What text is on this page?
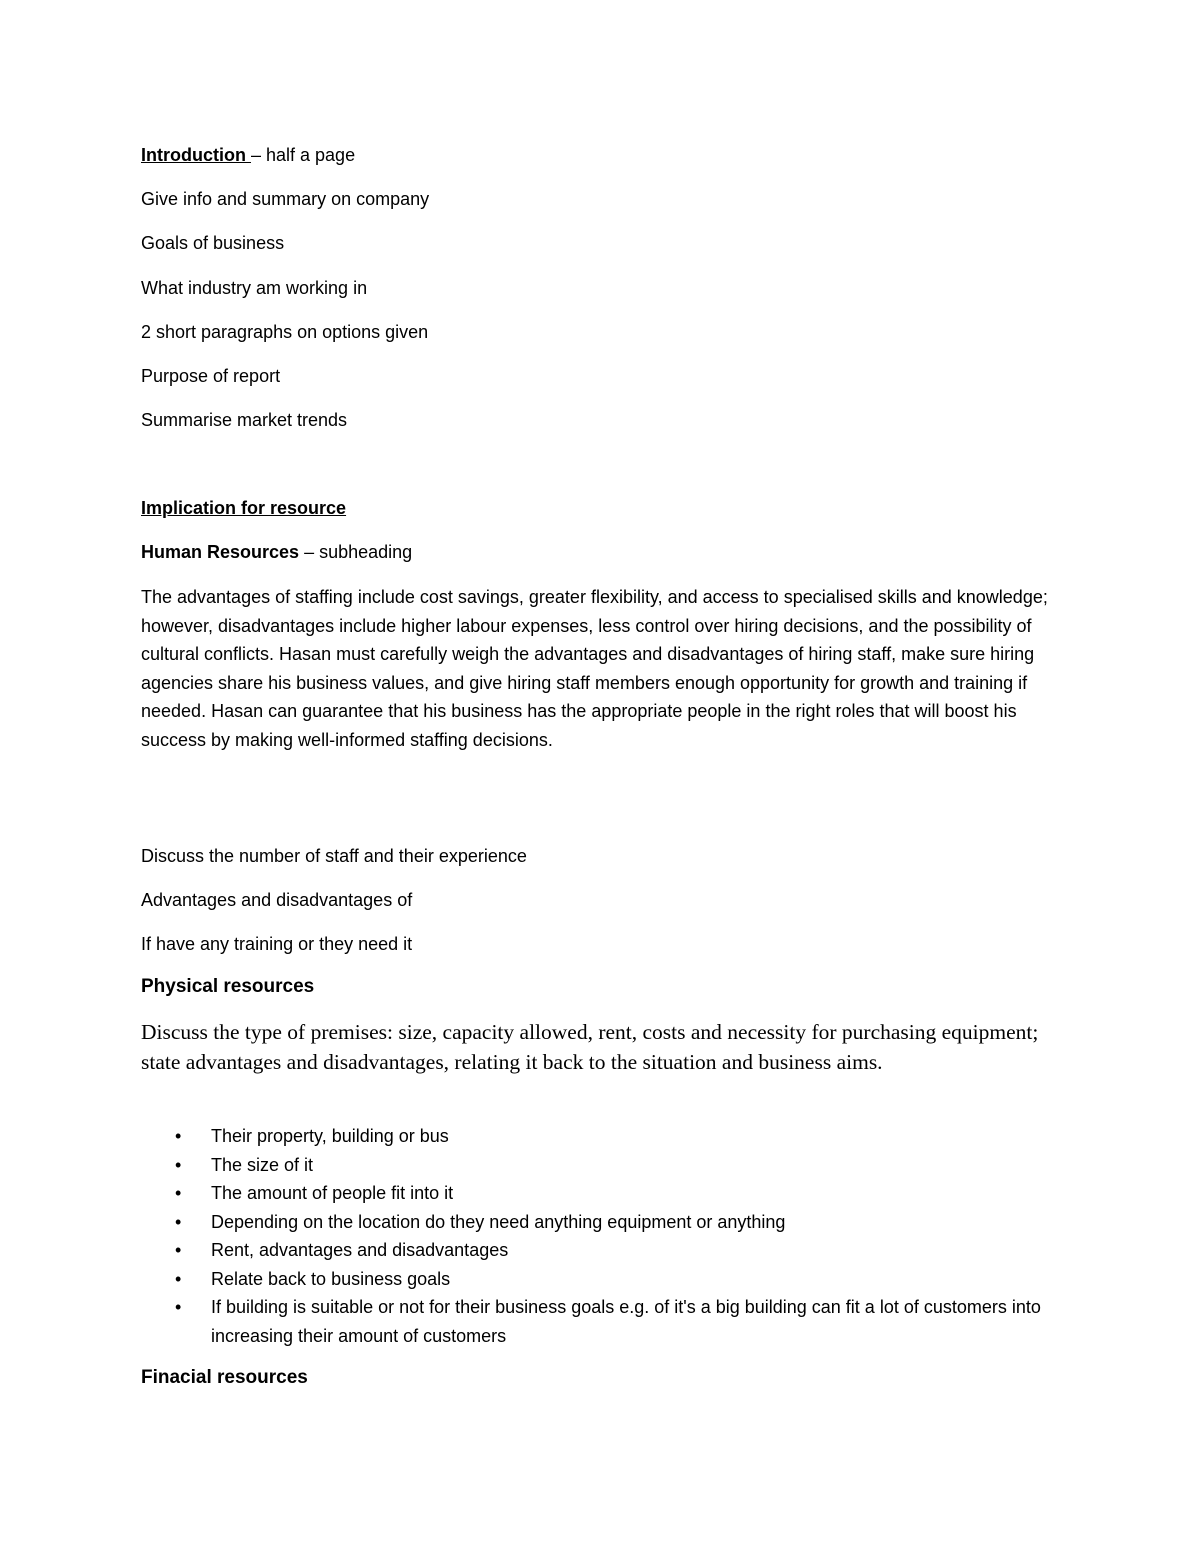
Introduction – half a page
Give info and summary on company
Goals of business
What industry am working in
2 short paragraphs on options given
Purpose of report
Summarise market trends
Implication for resource
Human Resources – subheading
The advantages of staffing include cost savings, greater flexibility, and access to specialised skills and knowledge; however, disadvantages include higher labour expenses, less control over hiring decisions, and the possibility of cultural conflicts. Hasan must carefully weigh the advantages and disadvantages of hiring staff, make sure hiring agencies share his business values, and give hiring staff members enough opportunity for growth and training if needed. Hasan can guarantee that his business has the appropriate people in the right roles that will boost his success by making well-informed staffing decisions.
Discuss the number of staff and their experience
Advantages and disadvantages of
If have any training or they need it
Physical resources
Discuss the type of premises: size, capacity allowed, rent, costs and necessity for purchasing equipment; state advantages and disadvantages, relating it back to the situation and business aims.
• Their property, building or bus
• The size of it
• The amount of people fit into it
• Depending on the location do they need anything equipment or anything
• Rent, advantages and disadvantages
• Relate back to business goals
• If building is suitable or not for their business goals e.g. of it's a big building can fit a lot of customers into increasing their amount of customers
Finacial resources
